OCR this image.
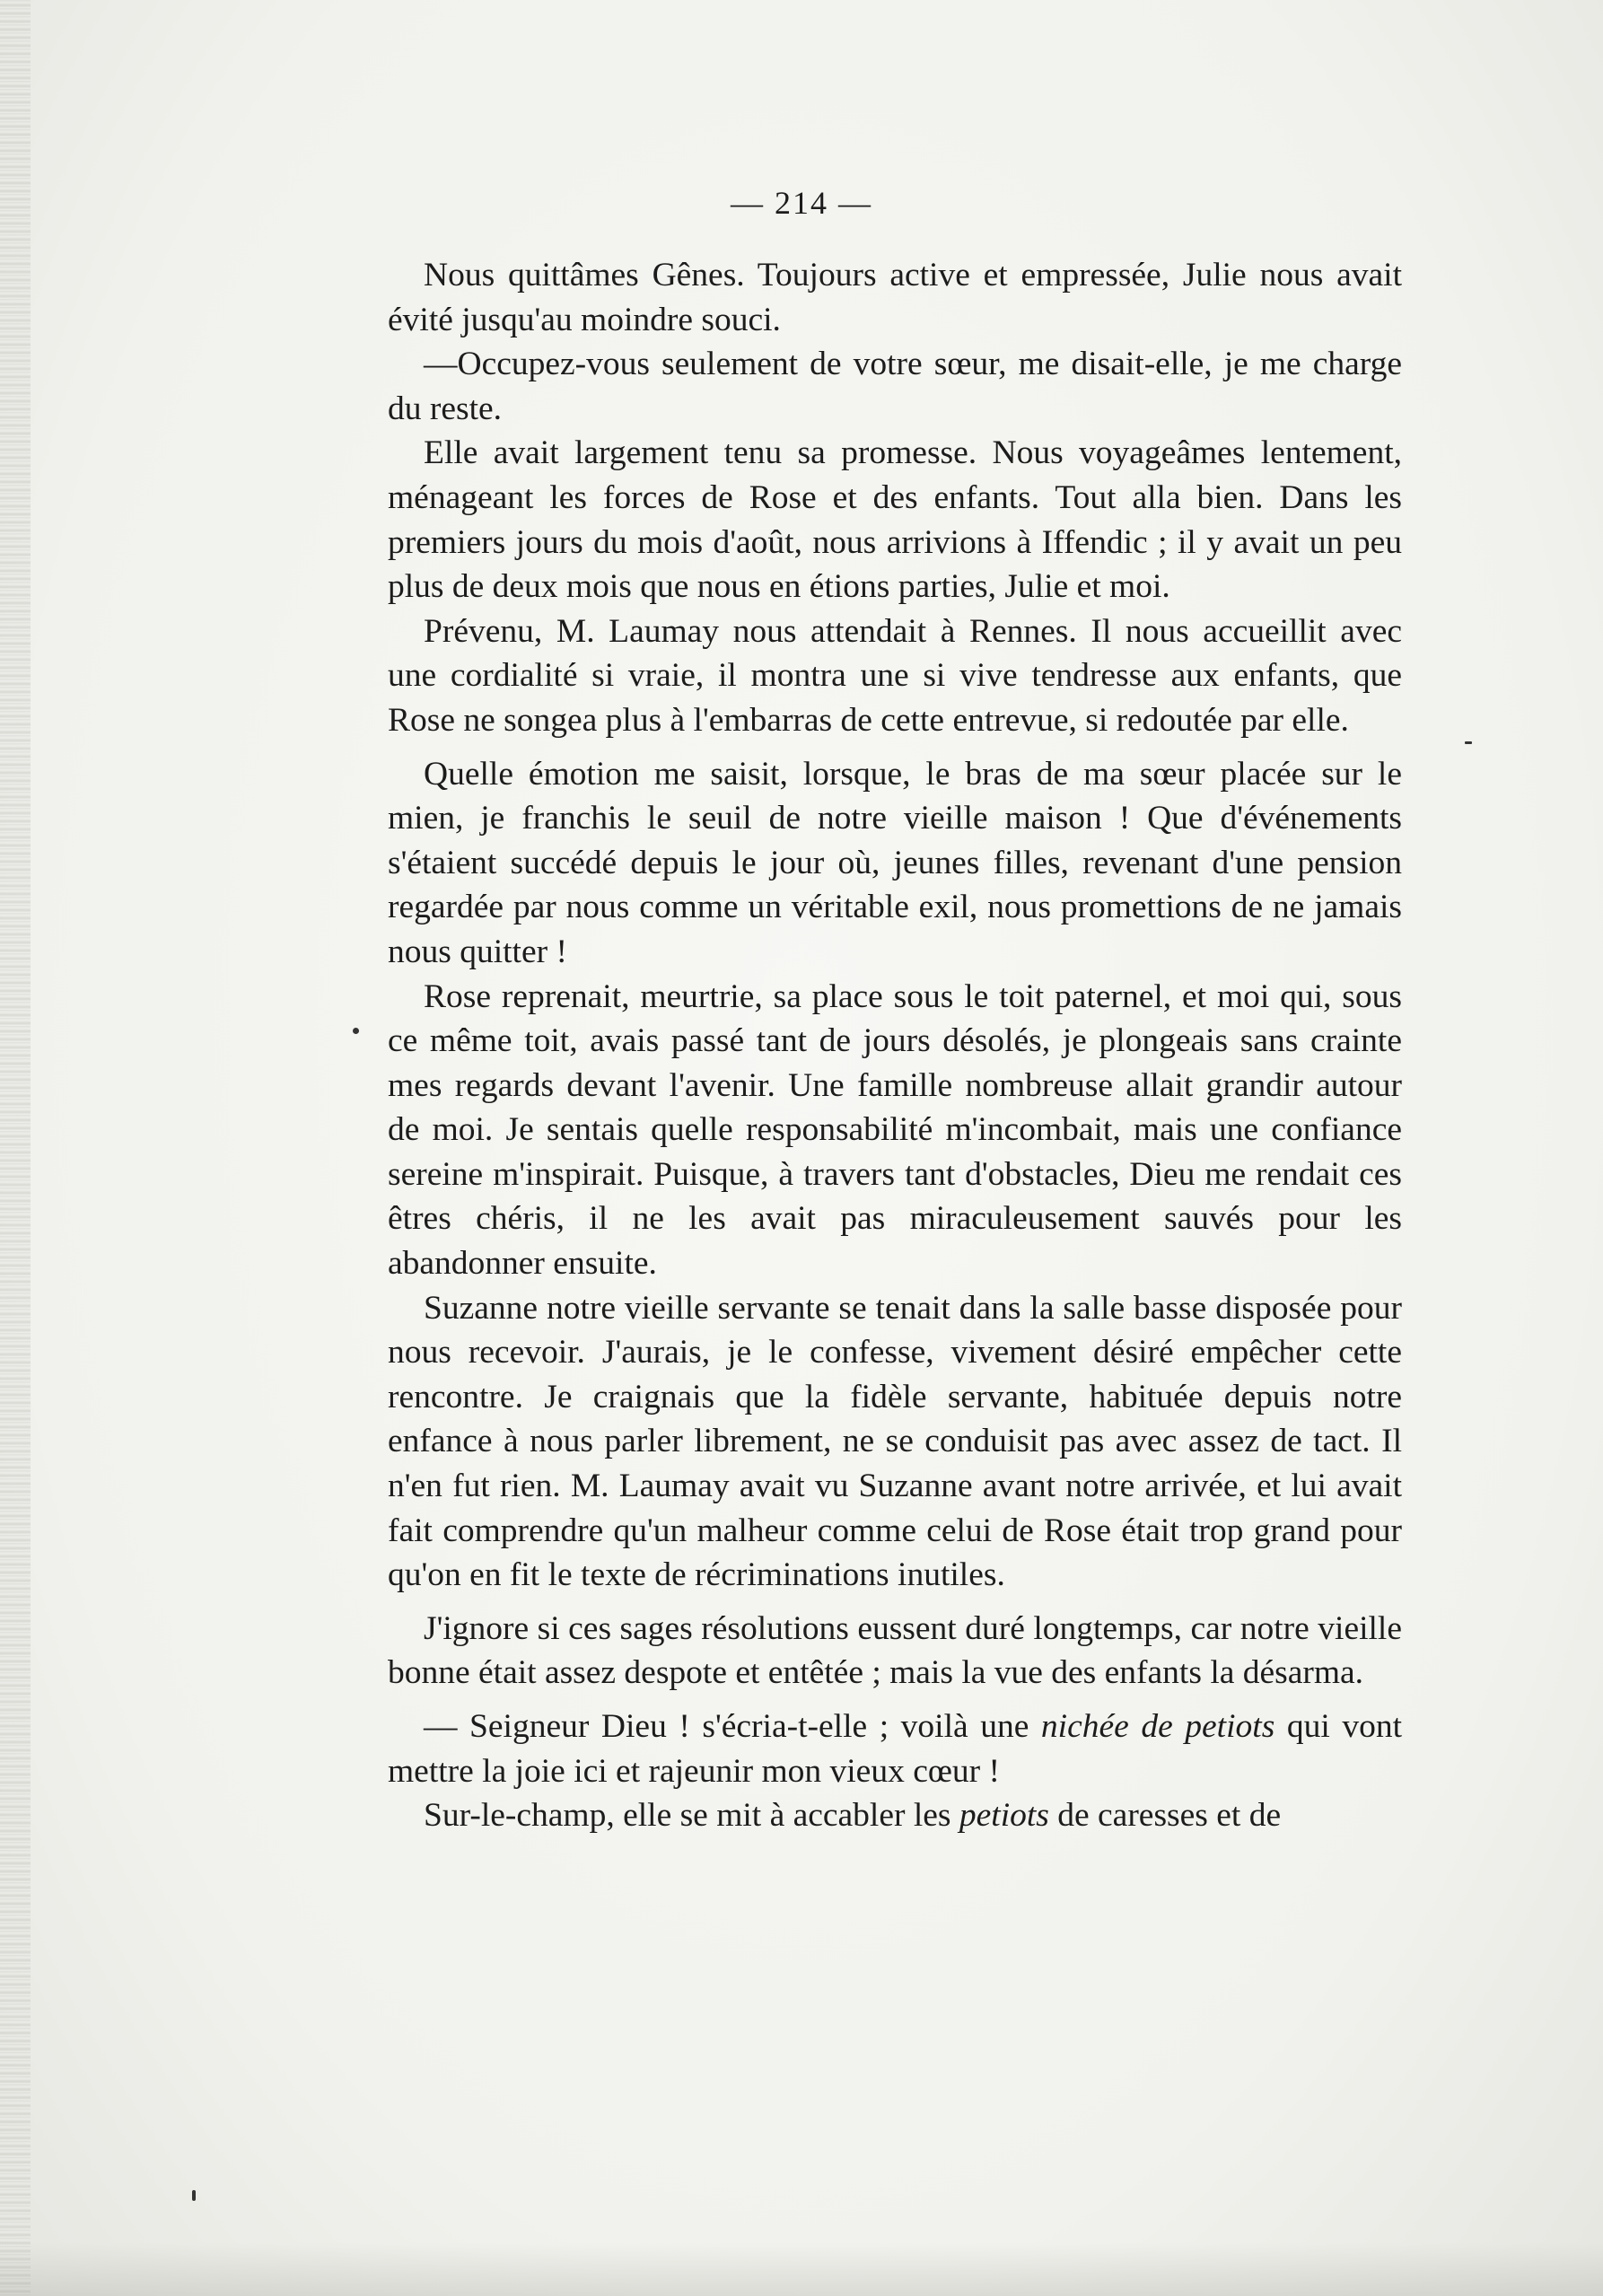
— 214 —

Nous quittâmes Gênes. Toujours active et empressée, Julie nous avait évité jusqu'au moindre souci.

—Occupez-vous seulement de votre sœur, me disait-elle, je me charge du reste.

Elle avait largement tenu sa promesse. Nous voyageâmes lentement, ménageant les forces de Rose et des enfants. Tout alla bien. Dans les premiers jours du mois d'août, nous arrivions à Iffendic ; il y avait un peu plus de deux mois que nous en étions parties, Julie et moi.

Prévenu, M. Laumay nous attendait à Rennes. Il nous accueillit avec une cordialité si vraie, il montra une si vive tendresse aux enfants, que Rose ne songea plus à l'embarras de cette entrevue, si redoutée par elle.

Quelle émotion me saisit, lorsque, le bras de ma sœur placée sur le mien, je franchis le seuil de notre vieille maison ! Que d'événements s'étaient succédé depuis le jour où, jeunes filles, revenant d'une pension regardée par nous comme un véritable exil, nous promettions de ne jamais nous quitter !

Rose reprenait, meurtrie, sa place sous le toit paternel, et moi qui, sous ce même toit, avais passé tant de jours désolés, je plongeais sans crainte mes regards devant l'avenir. Une famille nombreuse allait grandir autour de moi. Je sentais quelle responsabilité m'incombait, mais une confiance sereine m'inspirait. Puisque, à travers tant d'obstacles, Dieu me rendait ces êtres chéris, il ne les avait pas miraculeusement sauvés pour les abandonner ensuite.

Suzanne notre vieille servante se tenait dans la salle basse disposée pour nous recevoir. J'aurais, je le confesse, vivement désiré empêcher cette rencontre. Je craignais que la fidèle servante, habituée depuis notre enfance à nous parler librement, ne se conduisit pas avec assez de tact. Il n'en fut rien. M. Laumay avait vu Suzanne avant notre arrivée, et lui avait fait comprendre qu'un malheur comme celui de Rose était trop grand pour qu'on en fit le texte de récriminations inutiles.

J'ignore si ces sages résolutions eussent duré longtemps, car notre vieille bonne était assez despote et entêtée ; mais la vue des enfants la désarma.

— Seigneur Dieu ! s'écria-t-elle ; voilà une nichée de petiots qui vont mettre la joie ici et rajeunir mon vieux cœur !

Sur-le-champ, elle se mit à accabler les petiots de caresses et de
